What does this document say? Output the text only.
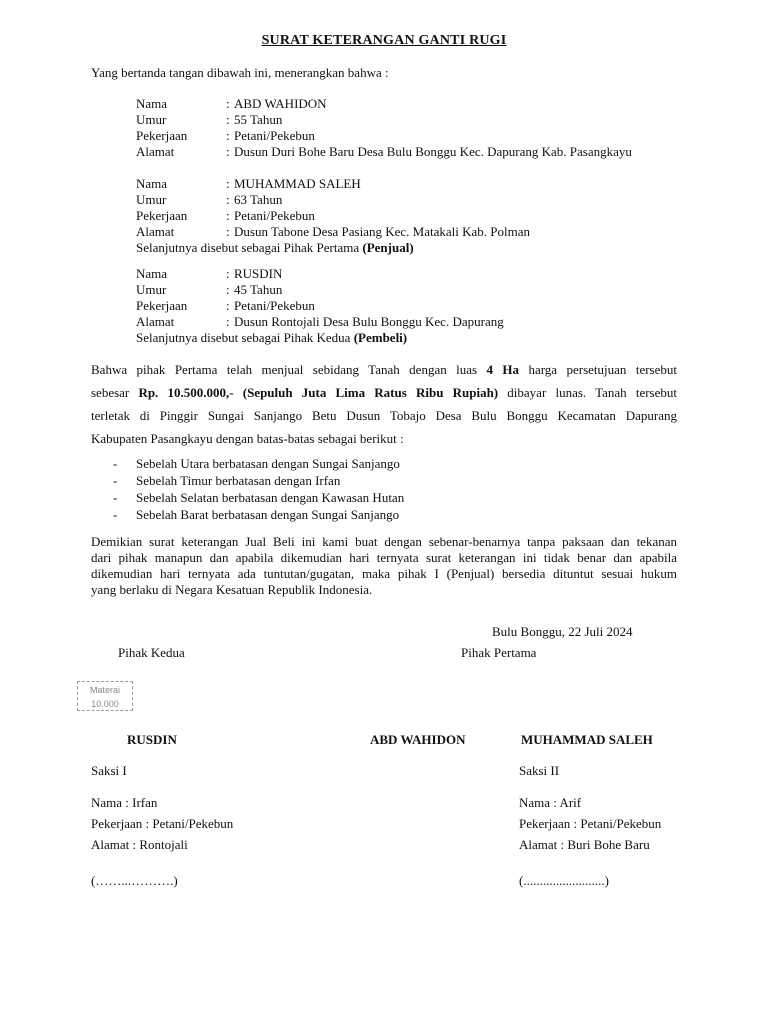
SURAT KETERANGAN GANTI RUGI
Yang bertanda tangan dibawah ini, menerangkan bahwa :
Nama	: ABD WAHIDON
Umur	: 55 Tahun
Pekerjaan	: Petani/Pekebun
Alamat	: Dusun Duri Bohe Baru Desa Bulu Bonggu Kec. Dapurang Kab. Pasangkayu
Nama	: MUHAMMAD SALEH
Umur	: 63 Tahun
Pekerjaan	: Petani/Pekebun
Alamat	: Dusun Tabone Desa Pasiang Kec. Matakali Kab. Polman
Selanjutnya disebut sebagai Pihak Pertama (Penjual)
Nama	: RUSDIN
Umur	: 45 Tahun
Pekerjaan	: Petani/Pekebun
Alamat	: Dusun Rontojali Desa Bulu Bonggu Kec. Dapurang
Selanjutnya disebut sebagai Pihak Kedua (Pembeli)
Bahwa pihak Pertama telah menjual sebidang Tanah dengan luas 4 Ha harga persetujuan tersebut
sebesar Rp. 10.500.000,- (Sepuluh Juta Lima Ratus Ribu Rupiah) dibayar lunas. Tanah tersebut
terletak di Pinggir Sungai Sanjango Betu Dusun Tobajo Desa Bulu Bonggu Kecamatan Dapurang
Kabupaten Pasangkayu dengan batas-batas sebagai berikut :
- Sebelah Utara berbatasan dengan Sungai Sanjango
- Sebelah Timur berbatasan dengan Irfan
- Sebelah Selatan berbatasan dengan Kawasan Hutan
- Sebelah Barat berbatasan dengan Sungai Sanjango
Demikian surat keterangan Jual Beli ini kami buat dengan sebenar-benarnya tanpa paksaan dan tekanan
dari pihak manapun dan apabila dikemudian hari ternyata surat keterangan ini tidak benar dan apabila
dikemudian hari ternyata ada tuntutan/gugatan, maka pihak I (Penjual) bersedia dituntut sesuai hukum
yang berlaku di Negara Kesatuan Republik Indonesia.
Bulu Bonggu, 22 Juli 2024
Pihak Kedua	Pihak Pertama
Materai
10.000
RUSDIN	ABD WAHIDON	MUHAMMAD SALEH
Saksi I
Nama : Irfan
Pekerjaan : Petani/Pekebun
Alamat : Rontojali
(……...……….)
Saksi II
Nama : Arif
Pekerjaan : Petani/Pekebun
Alamat : Buri Bohe Baru
(.........................)
